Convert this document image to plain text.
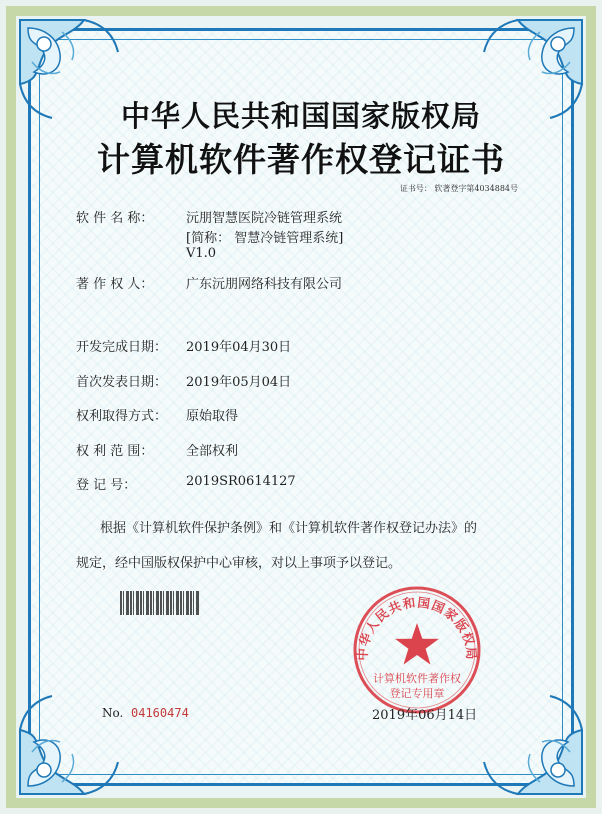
中华人民共和国国家版权局
计算机软件著作权登记证书
证书号： 软著登字第4034884号
软 件 名 称：	沅朋智慧医院冷链管理系统
[简称： 智慧冷链管理系统]
V1.0
著 作 权 人：	广东沅朋网络科技有限公司
开发完成日期： 2019年04月30日
首次发表日期： 2019年05月04日
权利取得方式： 原始取得
权 利 范 围：	全部权利
登 记 号：	2019SR0614127
根据《计算机软件保护条例》和《计算机软件著作权登记办法》的
规定，经中国版权保护中心审核，对以上事项予以登记。
中华人民共和国国家版权局
计算机软件著作权
登记专用章
No. 04160474	2019年06月14日
